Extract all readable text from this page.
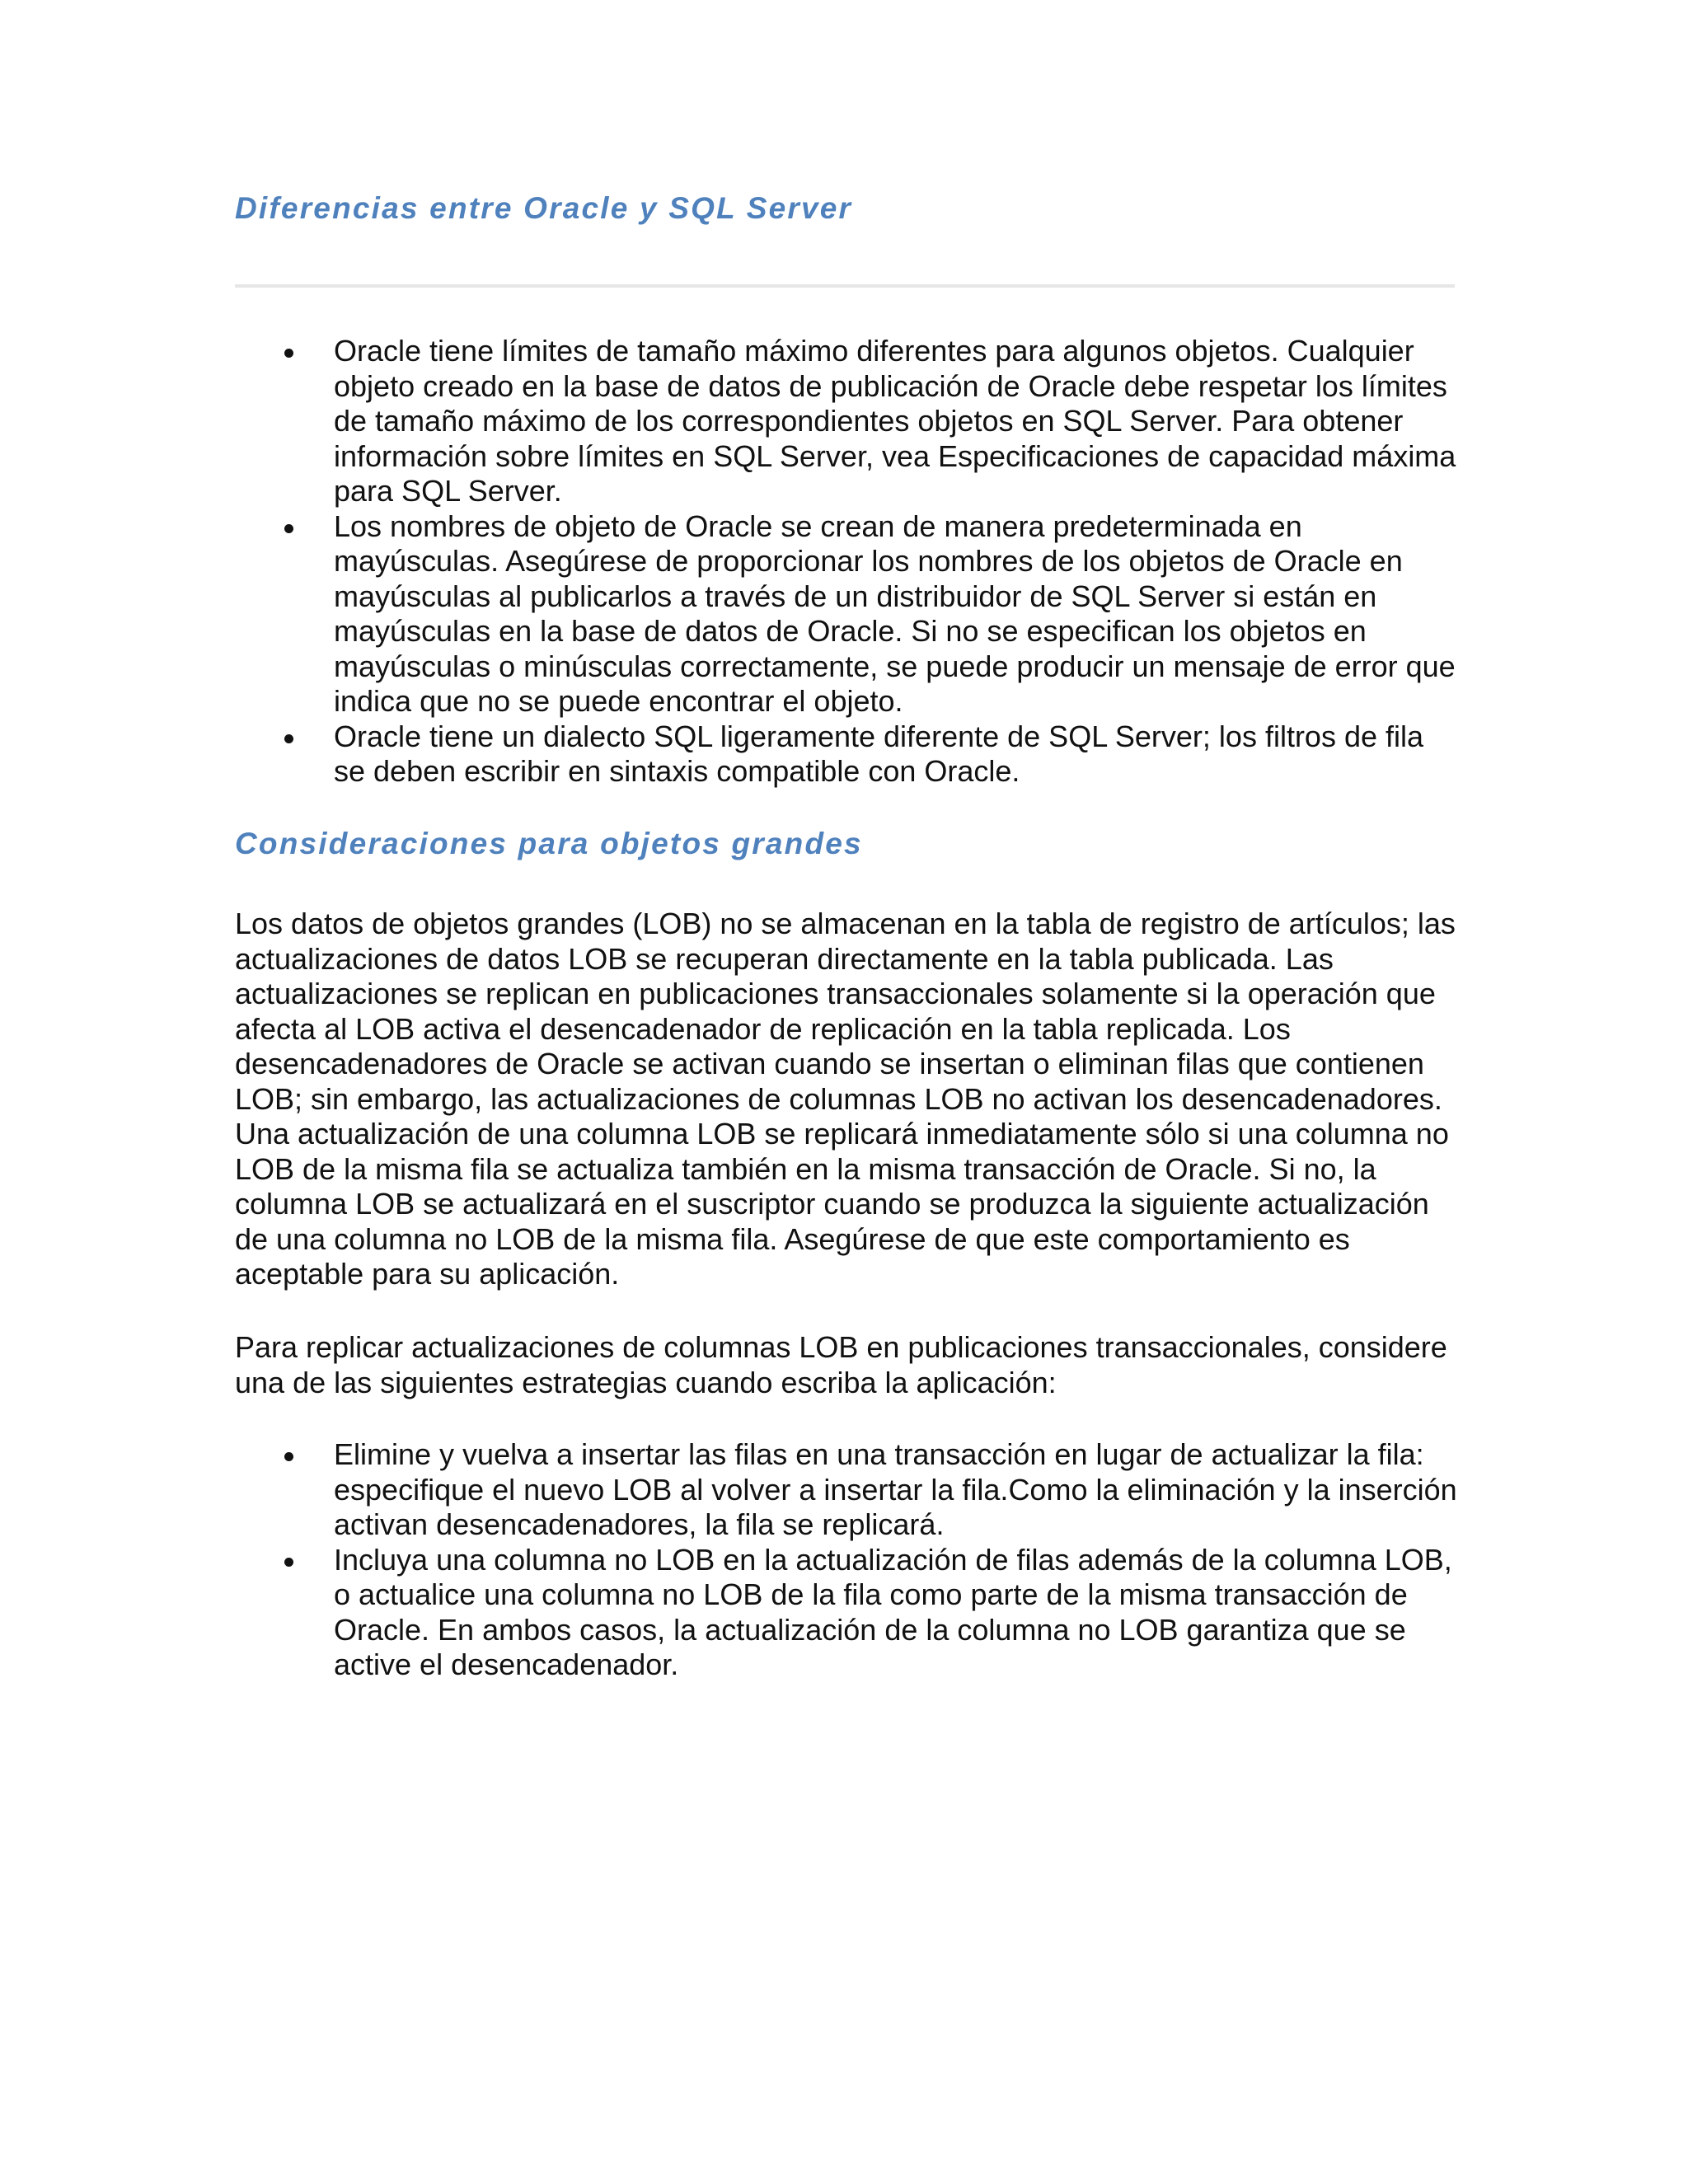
Diferencias entre Oracle y SQL Server
Oracle tiene límites de tamaño máximo diferentes para algunos objetos. Cualquier objeto creado en la base de datos de publicación de Oracle debe respetar los límites de tamaño máximo de los correspondientes objetos en SQL Server. Para obtener información sobre límites en SQL Server, vea Especificaciones de capacidad máxima para SQL Server.
Los nombres de objeto de Oracle se crean de manera predeterminada en mayúsculas. Asegúrese de proporcionar los nombres de los objetos de Oracle en mayúsculas al publicarlos a través de un distribuidor de SQL Server si están en mayúsculas en la base de datos de Oracle. Si no se especifican los objetos en mayúsculas o minúsculas correctamente, se puede producir un mensaje de error que indica que no se puede encontrar el objeto.
Oracle tiene un dialecto SQL ligeramente diferente de SQL Server; los filtros de fila se deben escribir en sintaxis compatible con Oracle.
Consideraciones para objetos grandes

Los datos de objetos grandes (LOB) no se almacenan en la tabla de registro de artículos; las actualizaciones de datos LOB se recuperan directamente en la tabla publicada. Las actualizaciones se replican en publicaciones transaccionales solamente si la operación que afecta al LOB activa el desencadenador de replicación en la tabla replicada. Los desencadenadores de Oracle se activan cuando se insertan o eliminan filas que contienen LOB; sin embargo, las actualizaciones de columnas LOB no activan los desencadenadores. Una actualización de una columna LOB se replicará inmediatamente sólo si una columna no LOB de la misma fila se actualiza también en la misma transacción de Oracle. Si no, la columna LOB se actualizará en el suscriptor cuando se produzca la siguiente actualización de una columna no LOB de la misma fila. Asegúrese de que este comportamiento es aceptable para su aplicación.

Para replicar actualizaciones de columnas LOB en publicaciones transaccionales, considere una de las siguientes estrategias cuando escriba la aplicación:

Elimine y vuelva a insertar las filas en una transacción en lugar de actualizar la fila: especifique el nuevo LOB al volver a insertar la fila.Como la eliminación y la inserción activan desencadenadores, la fila se replicará.
Incluya una columna no LOB en la actualización de filas además de la columna LOB, o actualice una columna no LOB de la fila como parte de la misma transacción de Oracle. En ambos casos, la actualización de la columna no LOB garantiza que se active el desencadenador.
